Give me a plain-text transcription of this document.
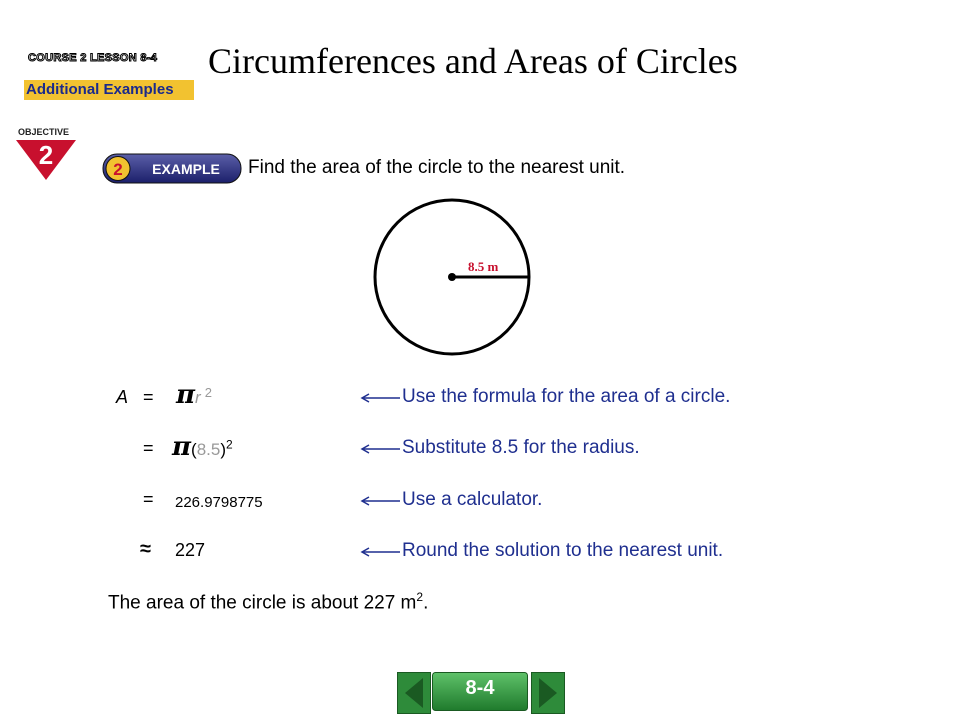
COURSE 2 LESSON 8-4
Additional Examples
Circumferences and Areas of Circles
OBJECTIVE
2	2 EXAMPLE Find the area of the circle to the nearest unit.
8.5 m
A = πr $^2$	Use the formula for the area of a circle.
= $\pi(8.5)^2$	Substitute 8.5 for the radius.
= 226.9798775	Use a calculator.
≈ 227	Round the solution to the nearest unit.
The area of the circle is about 227 $m^2$.
8-4
